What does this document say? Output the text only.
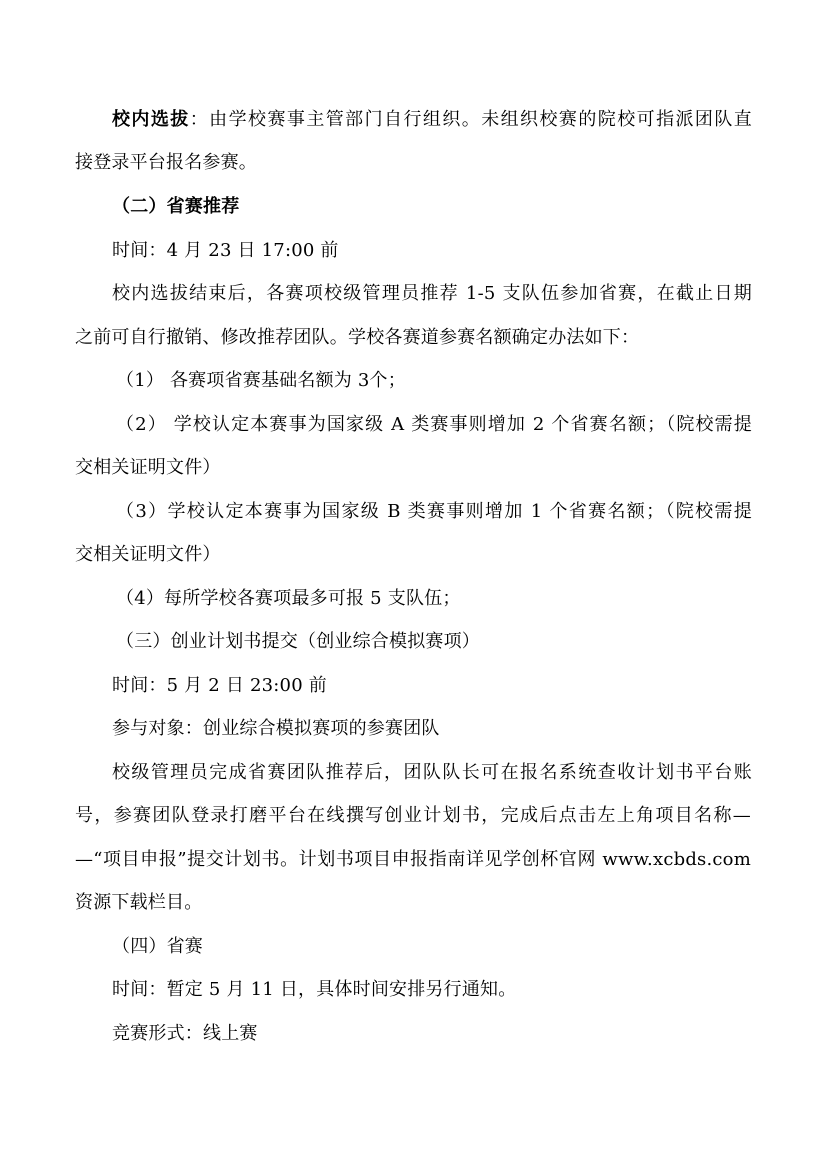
校内选拔：由学校赛事主管部门自行组织。未组织校赛的院校可指派团队直
接登录平台报名参赛。
（二）省赛推荐
时间：4 月 23 日 17:00 前
校内选拔结束后，各赛项校级管理员推荐 1-5 支队伍参加省赛，在截止日期
之前可自行撤销、修改推荐团队。学校各赛道参赛名额确定办法如下：
（1） 各赛项省赛基础名额为 3个；
（2） 学校认定本赛事为国家级 A 类赛事则增加 2 个省赛名额；（院校需提
交相关证明文件）
（3）学校认定本赛事为国家级 B 类赛事则增加 1 个省赛名额；（院校需提
交相关证明文件）
（4）每所学校各赛项最多可报 5 支队伍；
（三）创业计划书提交（创业综合模拟赛项）
时间：5 月 2 日 23:00 前
参与对象：创业综合模拟赛项的参赛团队
校级管理员完成省赛团队推荐后，团队队长可在报名系统查收计划书平台账
号，参赛团队登录打磨平台在线撰写创业计划书，完成后点击左上角项目名称—
—“项目申报”提交计划书。计划书项目申报指南详见学创杯官网 www.xcbds.com
资源下载栏目。
（四）省赛
时间：暂定 5 月 11 日，具体时间安排另行通知。
竞赛形式：线上赛
